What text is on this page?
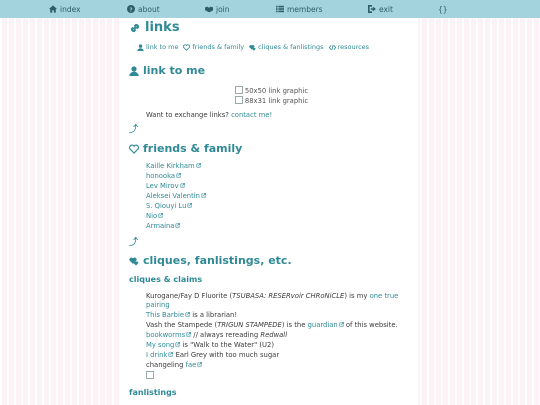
index	? about	join	members	exit	{}
links
link to me friends & family cliques & fanlistings resources
link to me
50x50 link graphic
88x31 link graphic
Want to exchange links? contact me!
⤴
friends & family
Kaille Kirkham
honooka
Lev Mirov
Aleksei Valentin
S. Qiouyi Lu
Nio
Armaina
⤴
cliques, fanlistings, etc.
cliques & claims
Kurogane/Fay D Fluorite (TSUBASA: RESERvoir CHRoNiCLE) is my one true
pairing
This Barbie is a librarian!
Vash the Stampede (TRIGUN STAMPEDE) is the guardian of this website.
bookworms // always rereading Redwall
My song is "Walk to the Water" (U2)
I drink Earl Grey with too much sugar
changeling fae
fanlistings
